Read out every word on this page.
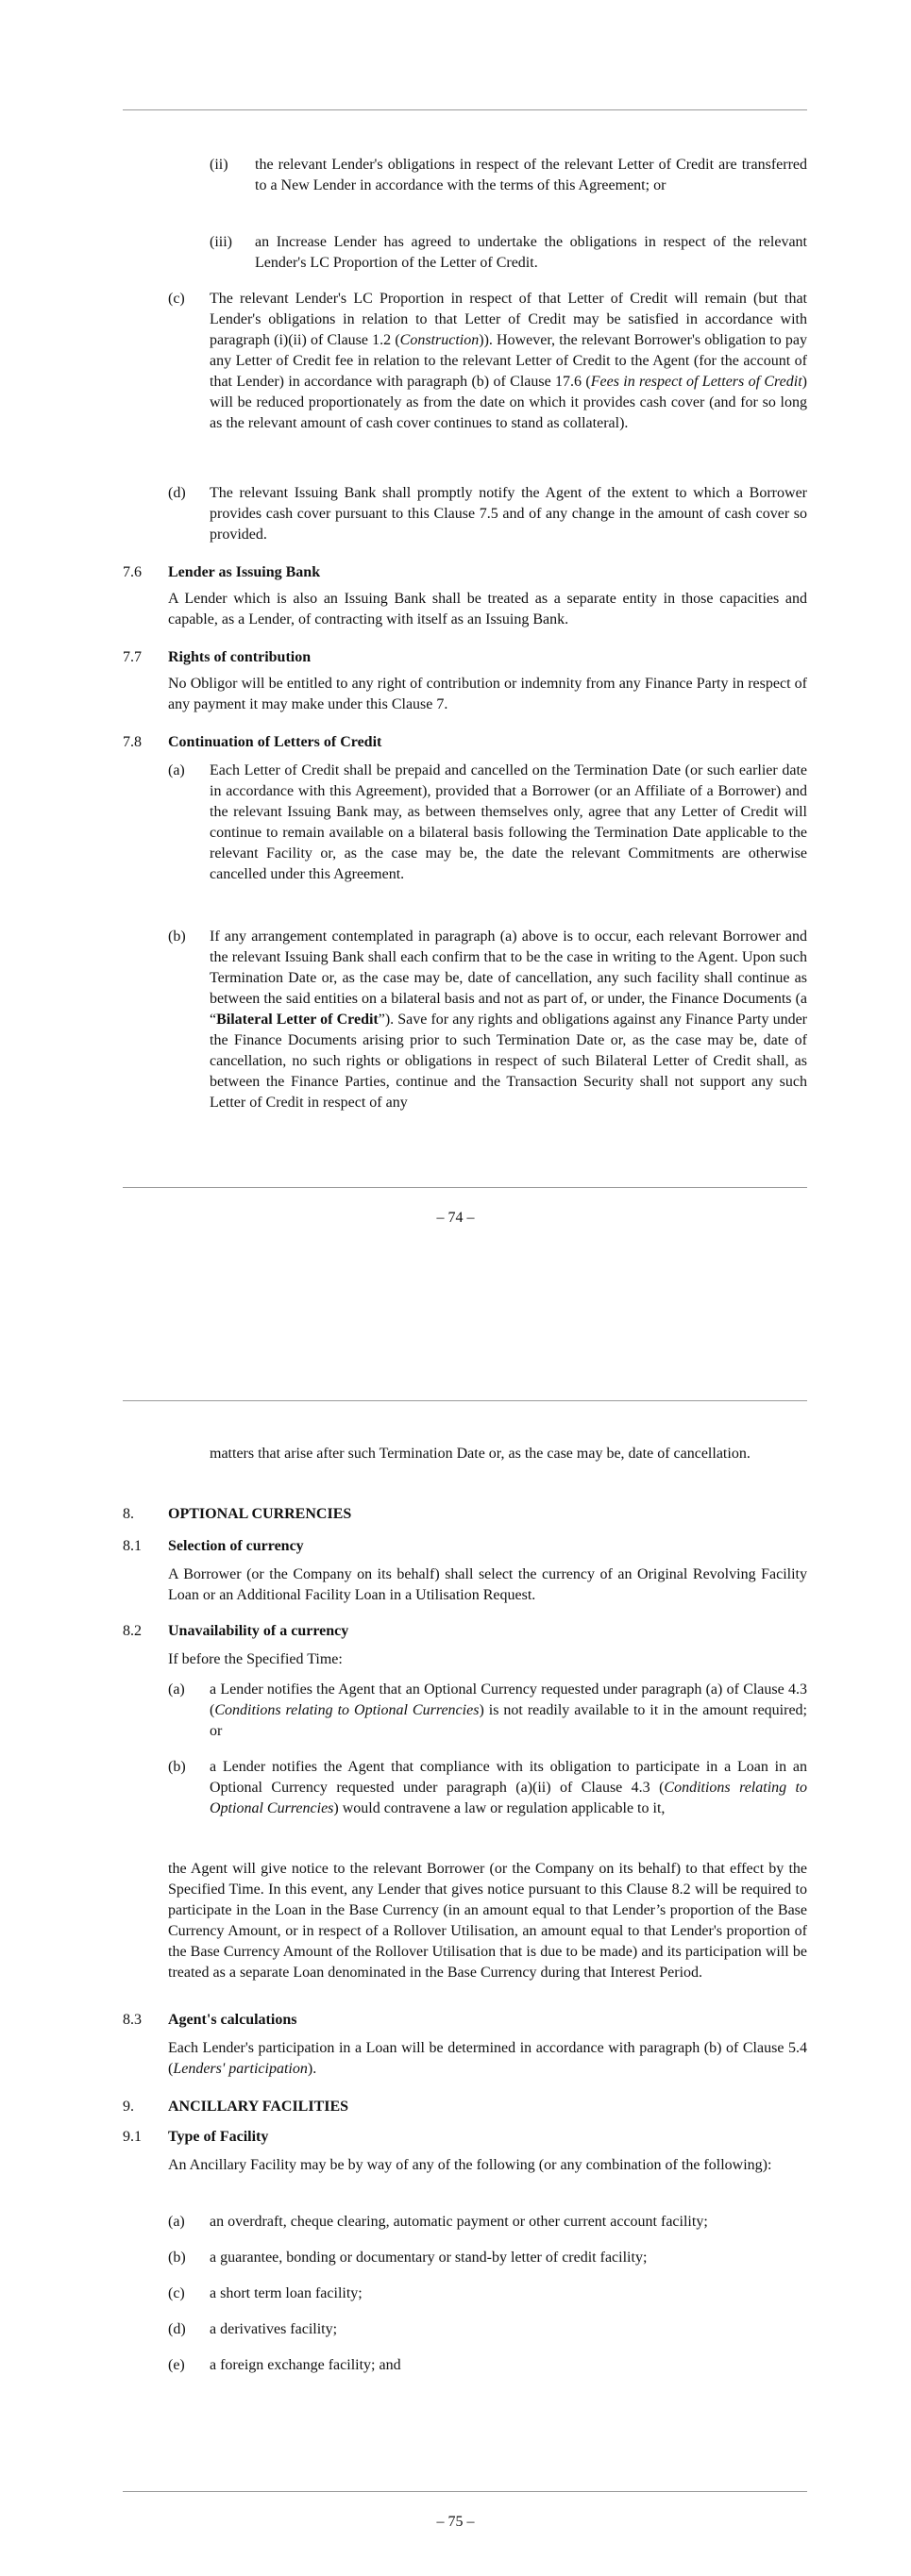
(ii) the relevant Lender's obligations in respect of the relevant Letter of Credit are transferred to a New Lender in accordance with the terms of this Agreement; or
(iii) an Increase Lender has agreed to undertake the obligations in respect of the relevant Lender's LC Proportion of the Letter of Credit.
(c) The relevant Lender's LC Proportion in respect of that Letter of Credit will remain (but that Lender's obligations in relation to that Letter of Credit may be satisfied in accordance with paragraph (i)(ii) of Clause 1.2 (Construction)). However, the relevant Borrower's obligation to pay any Letter of Credit fee in relation to the relevant Letter of Credit to the Agent (for the account of that Lender) in accordance with paragraph (b) of Clause 17.6 (Fees in respect of Letters of Credit) will be reduced proportionately as from the date on which it provides cash cover (and for so long as the relevant amount of cash cover continues to stand as collateral).
(d) The relevant Issuing Bank shall promptly notify the Agent of the extent to which a Borrower provides cash cover pursuant to this Clause 7.5 and of any change in the amount of cash cover so provided.
7.6 Lender as Issuing Bank
A Lender which is also an Issuing Bank shall be treated as a separate entity in those capacities and capable, as a Lender, of contracting with itself as an Issuing Bank.
7.7 Rights of contribution
No Obligor will be entitled to any right of contribution or indemnity from any Finance Party in respect of any payment it may make under this Clause 7.
7.8 Continuation of Letters of Credit
(a) Each Letter of Credit shall be prepaid and cancelled on the Termination Date (or such earlier date in accordance with this Agreement), provided that a Borrower (or an Affiliate of a Borrower) and the relevant Issuing Bank may, as between themselves only, agree that any Letter of Credit will continue to remain available on a bilateral basis following the Termination Date applicable to the relevant Facility or, as the case may be, the date the relevant Commitments are otherwise cancelled under this Agreement.
(b) If any arrangement contemplated in paragraph (a) above is to occur, each relevant Borrower and the relevant Issuing Bank shall each confirm that to be the case in writing to the Agent. Upon such Termination Date or, as the case may be, date of cancellation, any such facility shall continue as between the said entities on a bilateral basis and not as part of, or under, the Finance Documents (a “Bilateral Letter of Credit”). Save for any rights and obligations against any Finance Party under the Finance Documents arising prior to such Termination Date or, as the case may be, date of cancellation, no such rights or obligations in respect of such Bilateral Letter of Credit shall, as between the Finance Parties, continue and the Transaction Security shall not support any such Letter of Credit in respect of any
– 74 –
matters that arise after such Termination Date or, as the case may be, date of cancellation.
8. OPTIONAL CURRENCIES
8.1 Selection of currency
A Borrower (or the Company on its behalf) shall select the currency of an Original Revolving Facility Loan or an Additional Facility Loan in a Utilisation Request.
8.2 Unavailability of a currency
If before the Specified Time:
(a) a Lender notifies the Agent that an Optional Currency requested under paragraph (a) of Clause 4.3 (Conditions relating to Optional Currencies) is not readily available to it in the amount required; or
(b) a Lender notifies the Agent that compliance with its obligation to participate in a Loan in an Optional Currency requested under paragraph (a)(ii) of Clause 4.3 (Conditions relating to Optional Currencies) would contravene a law or regulation applicable to it,
the Agent will give notice to the relevant Borrower (or the Company on its behalf) to that effect by the Specified Time. In this event, any Lender that gives notice pursuant to this Clause 8.2 will be required to participate in the Loan in the Base Currency (in an amount equal to that Lender’s proportion of the Base Currency Amount, or in respect of a Rollover Utilisation, an amount equal to that Lender's proportion of the Base Currency Amount of the Rollover Utilisation that is due to be made) and its participation will be treated as a separate Loan denominated in the Base Currency during that Interest Period.
8.3 Agent's calculations
Each Lender's participation in a Loan will be determined in accordance with paragraph (b) of Clause 5.4 (Lenders' participation).
9. ANCILLARY FACILITIES
9.1 Type of Facility
An Ancillary Facility may be by way of any of the following (or any combination of the following):
(a) an overdraft, cheque clearing, automatic payment or other current account facility;
(b) a guarantee, bonding or documentary or stand-by letter of credit facility;
(c) a short term loan facility;
(d) a derivatives facility;
(e) a foreign exchange facility; and
– 75 –
